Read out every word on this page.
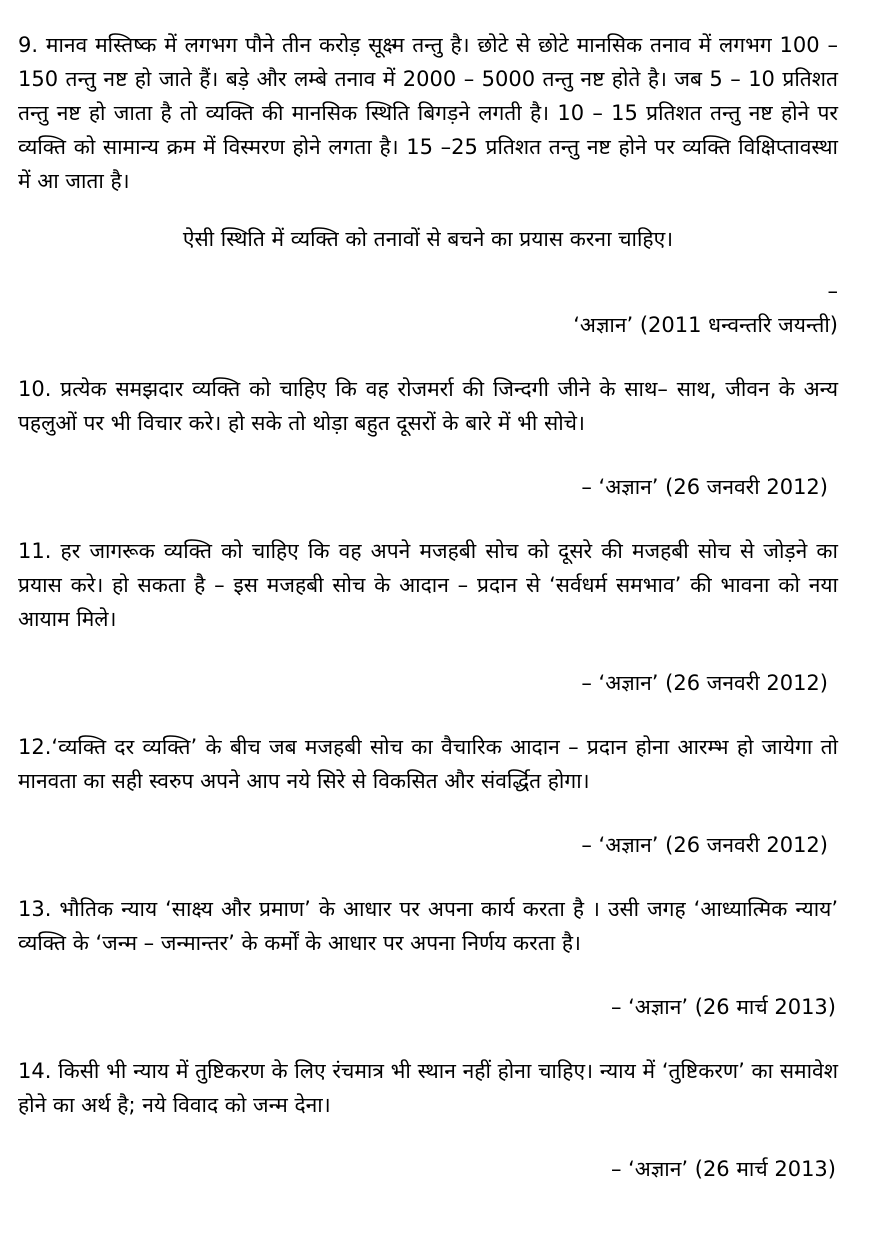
9. मानव मस्तिष्क में लगभग पौने तीन करोड़ सूक्ष्म तन्तु है। छोटे से छोटे मानसिक तनाव में लगभग 100 – 150 तन्तु नष्ट हो जाते हैं। बड़े और लम्बे तनाव में 2000 – 5000 तन्तु नष्ट होते है। जब 5 – 10 प्रतिशत तन्तु नष्ट हो जाता है तो व्यक्ति की मानसिक स्थिति बिगड़ने लगती है। 10 – 15 प्रतिशत तन्तु नष्ट होने पर व्यक्ति को सामान्य क्रम में विस्मरण होने लगता है। 15 –25 प्रतिशत तन्तु नष्ट होने पर व्यक्ति विक्षिप्तावस्था में आ जाता है।

ऐसी स्थिति में व्यक्ति को तनावों से बचने का प्रयास करना चाहिए।

–

‘अज्ञान’ (2011 धन्वन्तरि जयन्ती)

10. प्रत्येक समझदार व्यक्ति को चाहिए कि वह रोजमर्रा की जिन्दगी जीने के साथ– साथ, जीवन के अन्य पहलुओं पर भी विचार करे। हो सके तो थोड़ा बहुत दूसरों के बारे में भी सोचे।

– ‘अज्ञान’ (26 जनवरी 2012)

11. हर जागरूक व्यक्ति को चाहिए कि वह अपने मजहबी सोच को दूसरे की मजहबी सोच से जोड़ने का प्रयास करे। हो सकता है – इस मजहबी सोच के आदान – प्रदान से ‘सर्वधर्म समभाव’ की भावना को नया आयाम मिले।

– ‘अज्ञान’ (26 जनवरी 2012)

12.‘व्यक्ति दर व्यक्ति’ के बीच जब मजहबी सोच का वैचारिक आदान – प्रदान होना आरम्भ हो जायेगा तो मानवता का सही स्वरुप अपने आप नये सिरे से विकसित और संवर्द्धित होगा।

– ‘अज्ञान’ (26 जनवरी 2012)

13. भौतिक न्याय ‘साक्ष्य और प्रमाण’ के आधार पर अपना कार्य करता है । उसी जगह ‘आध्यात्मिक न्याय’ व्यक्ति के ‘जन्म – जन्मान्तर’ के कर्मों के आधार पर अपना निर्णय करता है।

– ‘अज्ञान’ (26 मार्च 2013)

14. किसी भी न्याय में तुष्टिकरण के लिए रंचमात्र भी स्थान नहीं होना चाहिए। न्याय में ‘तुष्टिकरण’ का समावेश होने का अर्थ है; नये विवाद को जन्म देना।

– ‘अज्ञान’ (26 मार्च 2013)
